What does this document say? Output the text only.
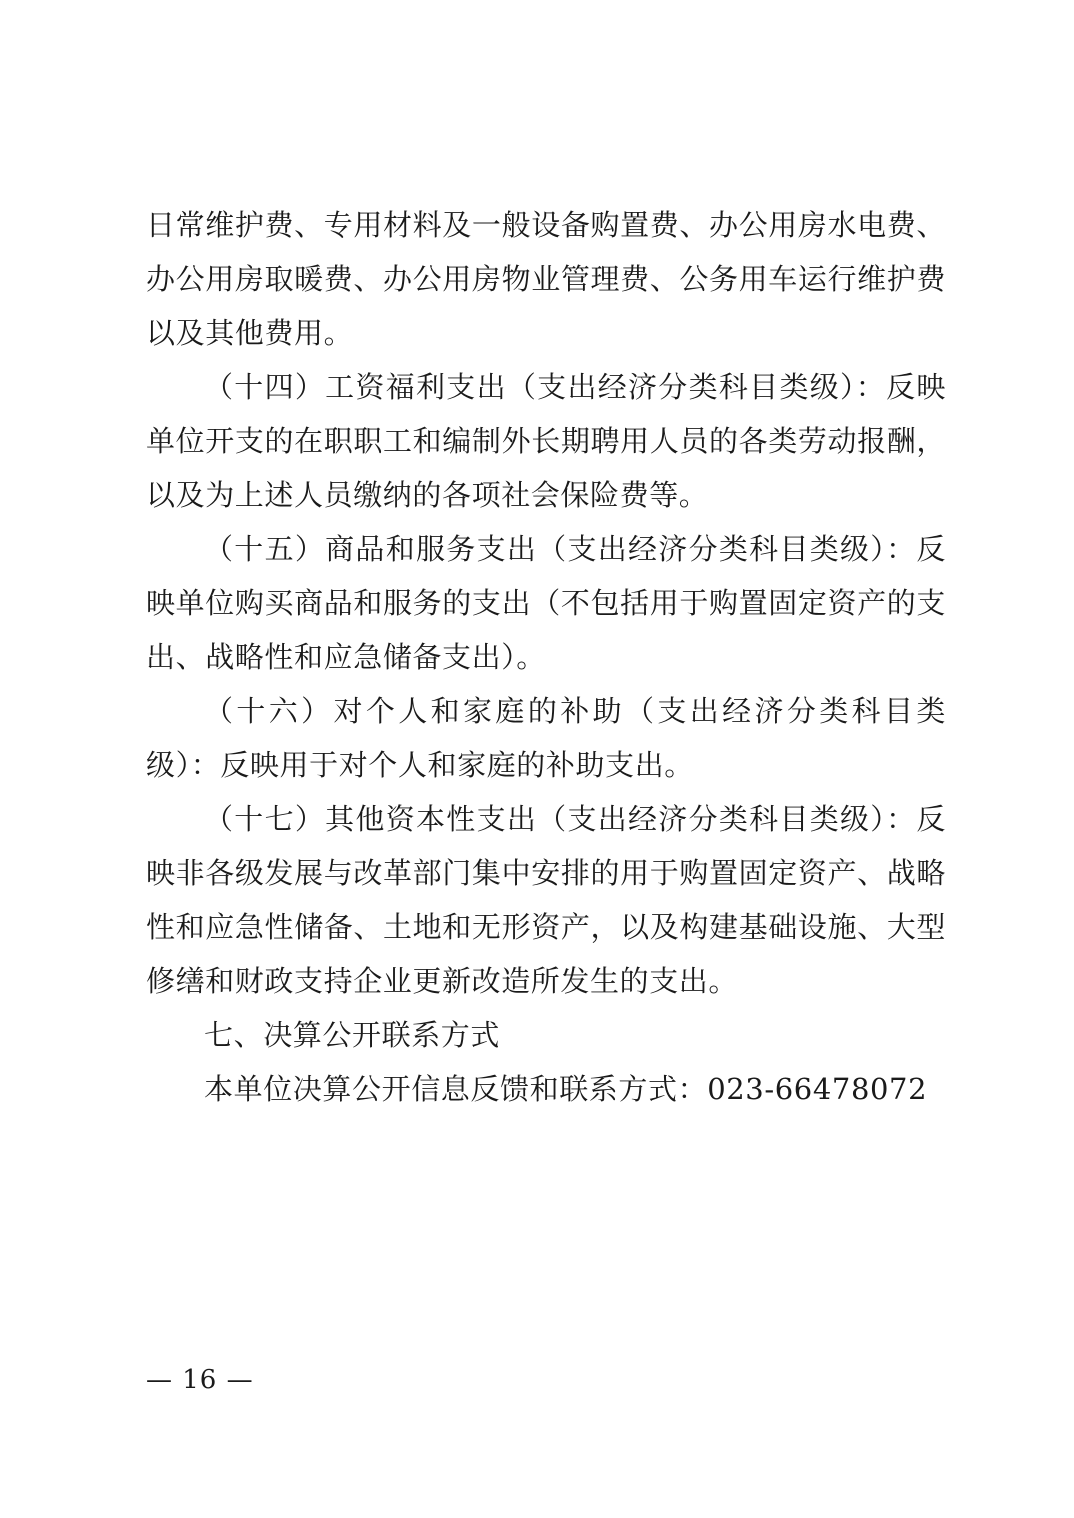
日常维护费、专用材料及一般设备购置费、办公用房水电费、办公用房取暖费、办公用房物业管理费、公务用车运行维护费以及其他费用。

（十四）工资福利支出（支出经济分类科目类级）：反映单位开支的在职职工和编制外长期聘用人员的各类劳动报酬，以及为上述人员缴纳的各项社会保险费等。

（十五）商品和服务支出（支出经济分类科目类级）：反映单位购买商品和服务的支出（不包括用于购置固定资产的支出、战略性和应急储备支出）。

（十六）对个人和家庭的补助（支出经济分类科目类级）：反映用于对个人和家庭的补助支出。

（十七）其他资本性支出（支出经济分类科目类级）：反映非各级发展与改革部门集中安排的用于购置固定资产、战略性和应急性储备、土地和无形资产，以及构建基础设施、大型修缮和财政支持企业更新改造所发生的支出。

七、决算公开联系方式

本单位决算公开信息反馈和联系方式：023-66478072

— 16 —
